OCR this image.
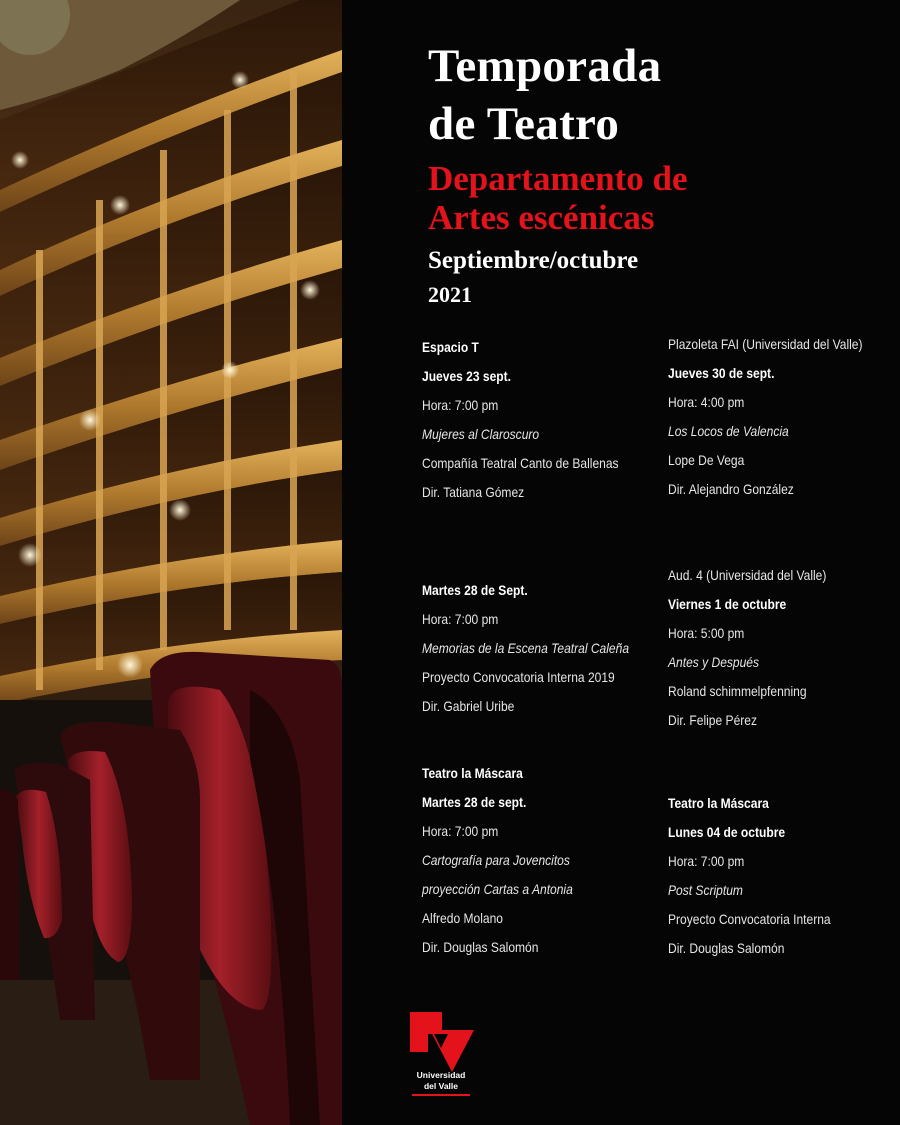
Temporada
de Teatro
Departamento de
Artes escénicas
Septiembre/octubre
2021
Espacio T
Jueves 23 sept.
Hora: 7:00 pm
Mujeres al Claroscuro
Compañía Teatral Canto de Ballenas
Dir. Tatiana Gómez
Martes 28 de Sept.
Hora: 7:00 pm
Memorias de la Escena Teatral Caleña
Proyecto Convocatoria Interna 2019
Dir. Gabriel Uribe
Teatro la Máscara
Martes 28 de sept.
Hora: 7:00 pm
Cartografía para Jovencitos
proyección Cartas a Antonia
Alfredo Molano
Dir. Douglas Salomón
Plazoleta FAI (Universidad del Valle)
Jueves 30 de sept.
Hora: 4:00 pm
Los Locos de Valencia
Lope De Vega
Dir. Alejandro González
Aud. 4 (Universidad del Valle)
Viernes 1 de octubre
Hora: 5:00 pm
Antes y Después
Roland schimmelpfenning
Dir. Felipe Pérez
Teatro la Máscara
Lunes 04 de octubre
Hora: 7:00 pm
Post Scriptum
Proyecto Convocatoria Interna
Dir. Douglas Salomón
Universidad
del Valle
